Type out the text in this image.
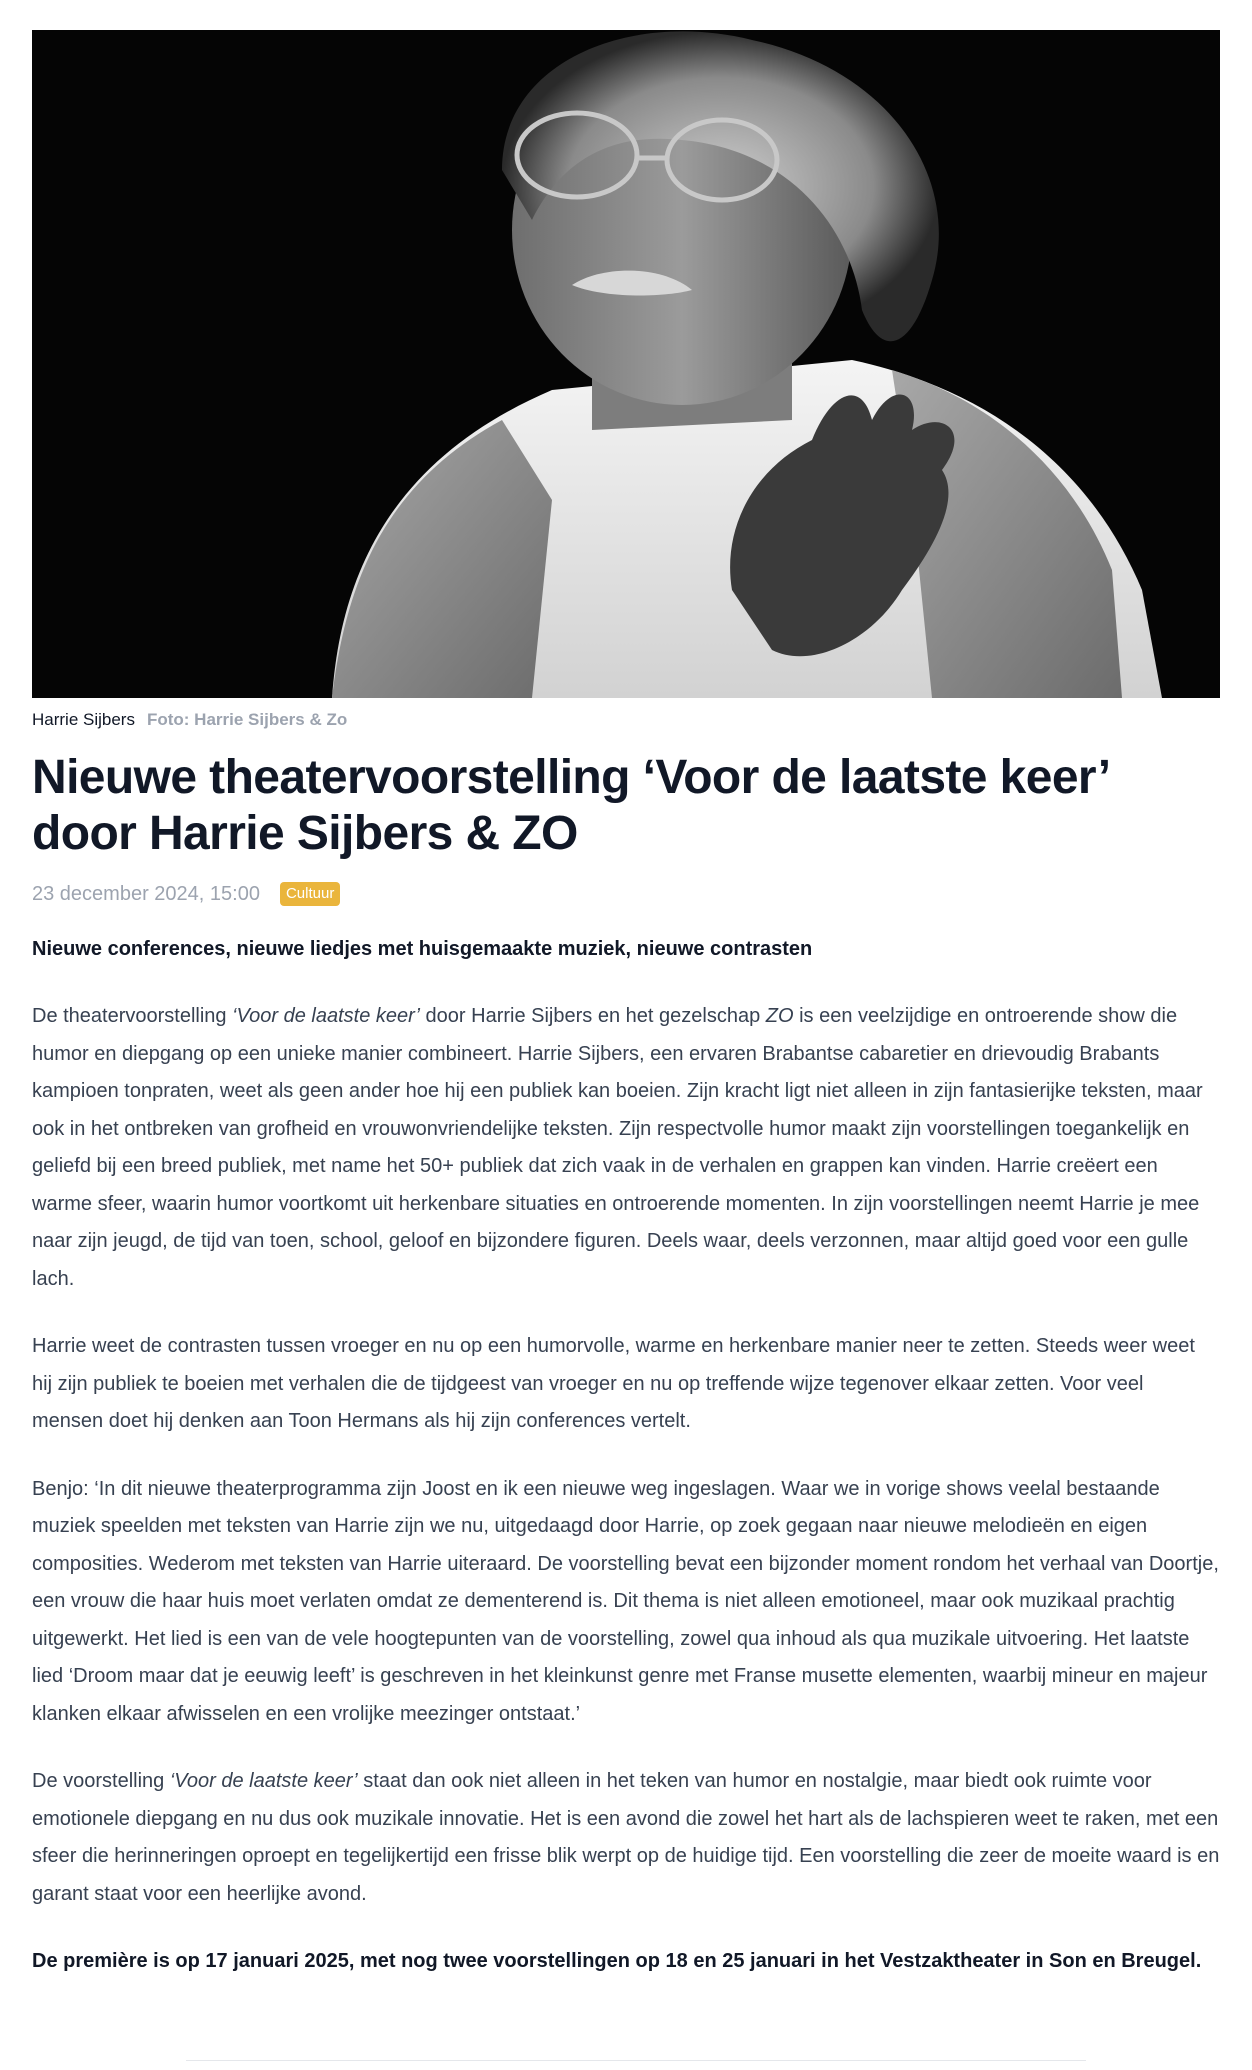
Harrie Sijbers Foto: Harrie Sijbers & Zo
Nieuwe theatervoorstelling ‘Voor de laatste keer’ door Harrie Sijbers & ZO
23 december 2024, 15:00	Cultuur
Nieuwe conferences, nieuwe liedjes met huisgemaakte muziek, nieuwe contrasten

De theatervoorstelling ‘Voor de laatste keer’ door Harrie Sijbers en het gezelschap ZO is een veelzijdige en ontroerende show die humor en diepgang op een unieke manier combineert. Harrie Sijbers, een ervaren Brabantse cabaretier en drievoudig Brabants kampioen tonpraten, weet als geen ander hoe hij een publiek kan boeien. Zijn kracht ligt niet alleen in zijn fantasierijke teksten, maar ook in het ontbreken van grofheid en vrouwonvriendelijke teksten. Zijn respectvolle humor maakt zijn voorstellingen toegankelijk en geliefd bij een breed publiek, met name het 50+ publiek dat zich vaak in de verhalen en grappen kan vinden. Harrie creëert een warme sfeer, waarin humor voortkomt uit herkenbare situaties en ontroerende momenten. In zijn voorstellingen neemt Harrie je mee naar zijn jeugd, de tijd van toen, school, geloof en bijzondere figuren. Deels waar, deels verzonnen, maar altijd goed voor een gulle lach.

Harrie weet de contrasten tussen vroeger en nu op een humorvolle, warme en herkenbare manier neer te zetten. Steeds weer weet hij zijn publiek te boeien met verhalen die de tijdgeest van vroeger en nu op treffende wijze tegenover elkaar zetten. Voor veel mensen doet hij denken aan Toon Hermans als hij zijn conferences vertelt.

Benjo: ‘In dit nieuwe theaterprogramma zijn Joost en ik een nieuwe weg ingeslagen. Waar we in vorige shows veelal bestaande muziek speelden met teksten van Harrie zijn we nu, uitgedaagd door Harrie, op zoek gegaan naar nieuwe melodieën en eigen composities. Wederom met teksten van Harrie uiteraard. De voorstelling bevat een bijzonder moment rondom het verhaal van Doortje, een vrouw die haar huis moet verlaten omdat ze dementerend is. Dit thema is niet alleen emotioneel, maar ook muzikaal prachtig uitgewerkt. Het lied is een van de vele hoogtepunten van de voorstelling, zowel qua inhoud als qua muzikale uitvoering. Het laatste lied ‘Droom maar dat je eeuwig leeft’ is geschreven in het kleinkunst genre met Franse musette elementen, waarbij mineur en majeur klanken elkaar afwisselen en een vrolijke meezinger ontstaat.’

De voorstelling ‘Voor de laatste keer’ staat dan ook niet alleen in het teken van humor en nostalgie, maar biedt ook ruimte voor emotionele diepgang en nu dus ook muzikale innovatie. Het is een avond die zowel het hart als de lachspieren weet te raken, met een sfeer die herinneringen oproept en tegelijkertijd een frisse blik werpt op de huidige tijd. Een voorstelling die zeer de moeite waard is en garant staat voor een heerlijke avond.

De première is op 17 januari 2025, met nog twee voorstellingen op 18 en 25 januari in het Vestzaktheater in Son en Breugel.
